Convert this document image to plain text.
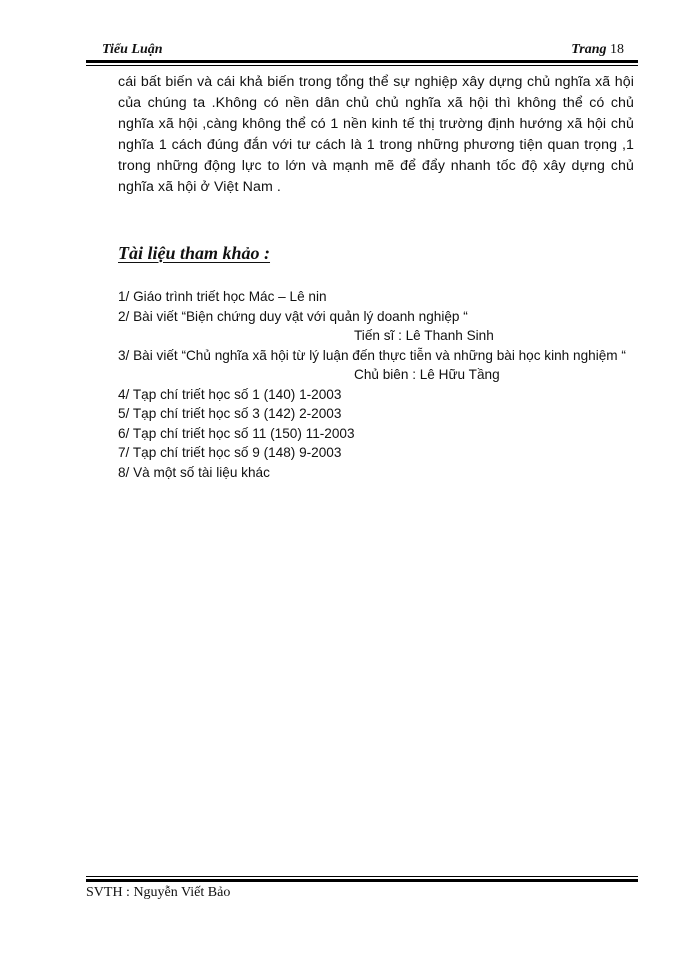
Tiểu Luận	Trang 18

cái bất biến và cái khả biến trong tổng thể sự nghiệp xây dựng chủ nghĩa xã hội của chúng ta .Không có nền dân chủ chủ nghĩa xã hội thì không thể có chủ nghĩa xã hội ,càng không thể có 1 nền kinh tế thị trường định hướng xã hội chủ nghĩa 1 cách đúng đắn với tư cách là 1 trong những phương tiện quan trọng ,1 trong những động lực to lớn và mạnh mẽ để đẩy nhanh tốc độ xây dựng chủ nghĩa xã hội ở Việt Nam .

Tài liệu tham khảo :

1/ Giáo trình triết học Mác – Lê nin

2/ Bài viết “Biện chứng duy vật với quản lý doanh nghiệp “

Tiến sĩ : Lê Thanh Sinh

3/ Bài viết “Chủ nghĩa xã hội từ lý luận đến thực tiễn và những bài học kinh nghiệm “

Chủ biên : Lê Hữu Tầng

4/ Tạp chí triết học số 1 (140) 1-2003

5/ Tạp chí triết học số 3 (142) 2-2003

6/ Tạp chí triết học số 11 (150) 11-2003

7/ Tạp chí triết học số 9 (148) 9-2003

8/ Và một số tài liệu khác

SVTH : Nguyễn Viết Bảo
